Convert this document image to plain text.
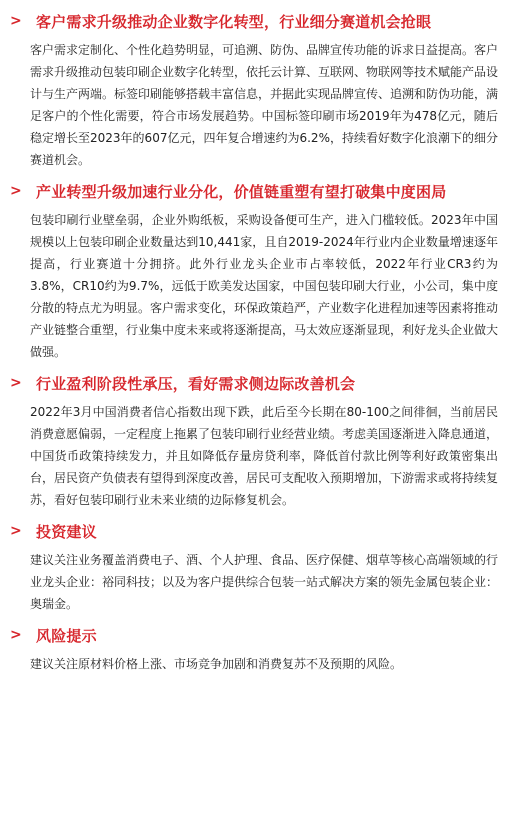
> 客户需求升级推动企业数字化转型，行业细分赛道机会抢眼

客户需求定制化、个性化趋势明显，可追溯、防伪、品牌宣传功能的诉求日益提高。客户需求升级推动包装印刷企业数字化转型，依托云计算、互联网、物联网等技术赋能产品设计与生产两端。标签印刷能够搭载丰富信息，并据此实现品牌宣传、追溯和防伪功能，满足客户的个性化需要，符合市场发展趋势。中国标签印刷市场2019年为478亿元，随后稳定增长至2023年的607亿元，四年复合增速约为6.2%，持续看好数字化浪潮下的细分赛道机会。

> 产业转型升级加速行业分化，价值链重塑有望打破集中度困局

包装印刷行业壁垒弱，企业外购纸板，采购设备便可生产，进入门槛较低。2023年中国规模以上包装印刷企业数量达到10,441家，且自2019-2024年行业内企业数量增速逐年提高，行业赛道十分拥挤。此外行业龙头企业市占率较低，2022年行业CR3约为3.8%，CR10约为9.7%，远低于欧美发达国家，中国包装印刷大行业，小公司，集中度分散的特点尤为明显。客户需求变化，环保政策趋严，产业数字化进程加速等因素将推动产业链整合重塑，行业集中度未来或将逐渐提高，马太效应逐渐显现，利好龙头企业做大做强。

> 行业盈利阶段性承压，看好需求侧边际改善机会

2022年3月中国消费者信心指数出现下跌，此后至今长期在80-100之间徘徊，当前居民消费意愿偏弱，一定程度上拖累了包装印刷行业经营业绩。考虑美国逐渐进入降息通道，中国货币政策持续发力，并且如降低存量房贷利率，降低首付款比例等利好政策密集出台，居民资产负债表有望得到深度改善，居民可支配收入预期增加，下游需求或将持续复苏，看好包装印刷行业未来业绩的边际修复机会。

> 投资建议

建议关注业务覆盖消费电子、酒、个人护理、食品、医疗保健、烟草等核心高端领域的行业龙头企业：裕同科技；以及为客户提供综合包装一站式解决方案的领先金属包装企业：奥瑞金。

> 风险提示

建议关注原材料价格上涨、市场竞争加剧和消费复苏不及预期的风险。
